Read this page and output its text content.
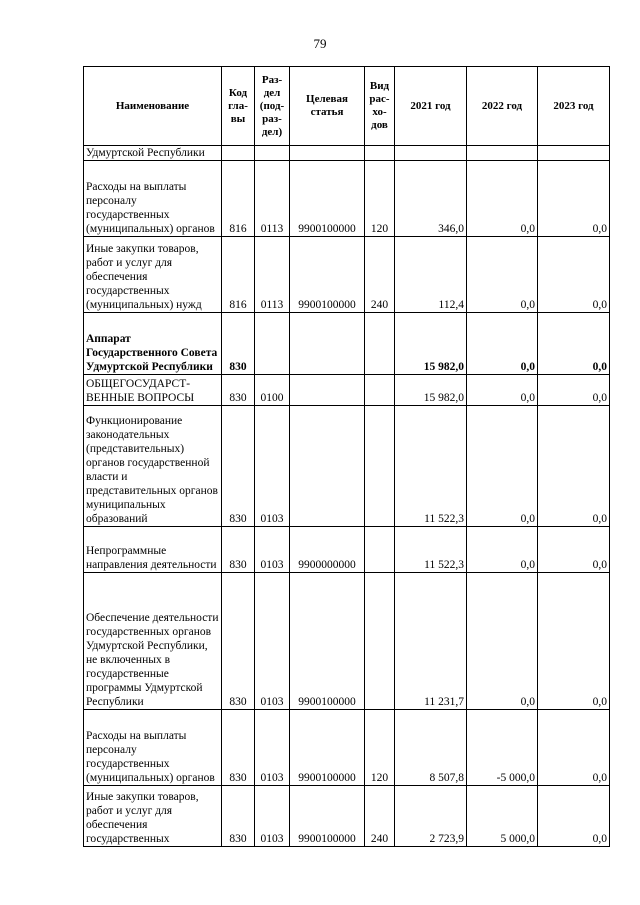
79
Наименование	Код гла- вы	Раз- дел (под- раз- дел)	Целевая статья	Вид рас- хо- дов	2021 год	2022 год	2023 год
Удмуртской Республики							
Расходы на выплаты персоналу государственных (муниципальных) органов	816	0113	9900100000	120	346,0	0,0	0,0
Иные закупки товаров, работ и услуг для обеспечения государственных (муниципальных) нужд	816	0113	9900100000	240	112,4	0,0	0,0
Аппарат Государственного Совета Удмуртской Республики	830				15 982,0	0,0	0,0
ОБЩЕГОСУДАРСТ- ВЕННЫЕ ВОПРОСЫ	830	0100			15 982,0	0,0	0,0
Функционирование законодательных (представительных) органов государственной власти и представительных органов муниципальных образований	830	0103			11 522,3	0,0	0,0
Непрограммные направления деятельности	830	0103	9900000000		11 522,3	0,0	0,0
Обеспечение деятельности государственных органов Удмуртской Республики, не включенных в государственные программы Удмуртской Республики	830	0103	9900100000		11 231,7	0,0	0,0
Расходы на выплаты персоналу государственных (муниципальных) органов	830	0103	9900100000	120	8 507,8	-5 000,0	0,0
Иные закупки товаров, работ и услуг для обеспечения государственных	830	0103	9900100000	240	2 723,9	5 000,0	0,0
